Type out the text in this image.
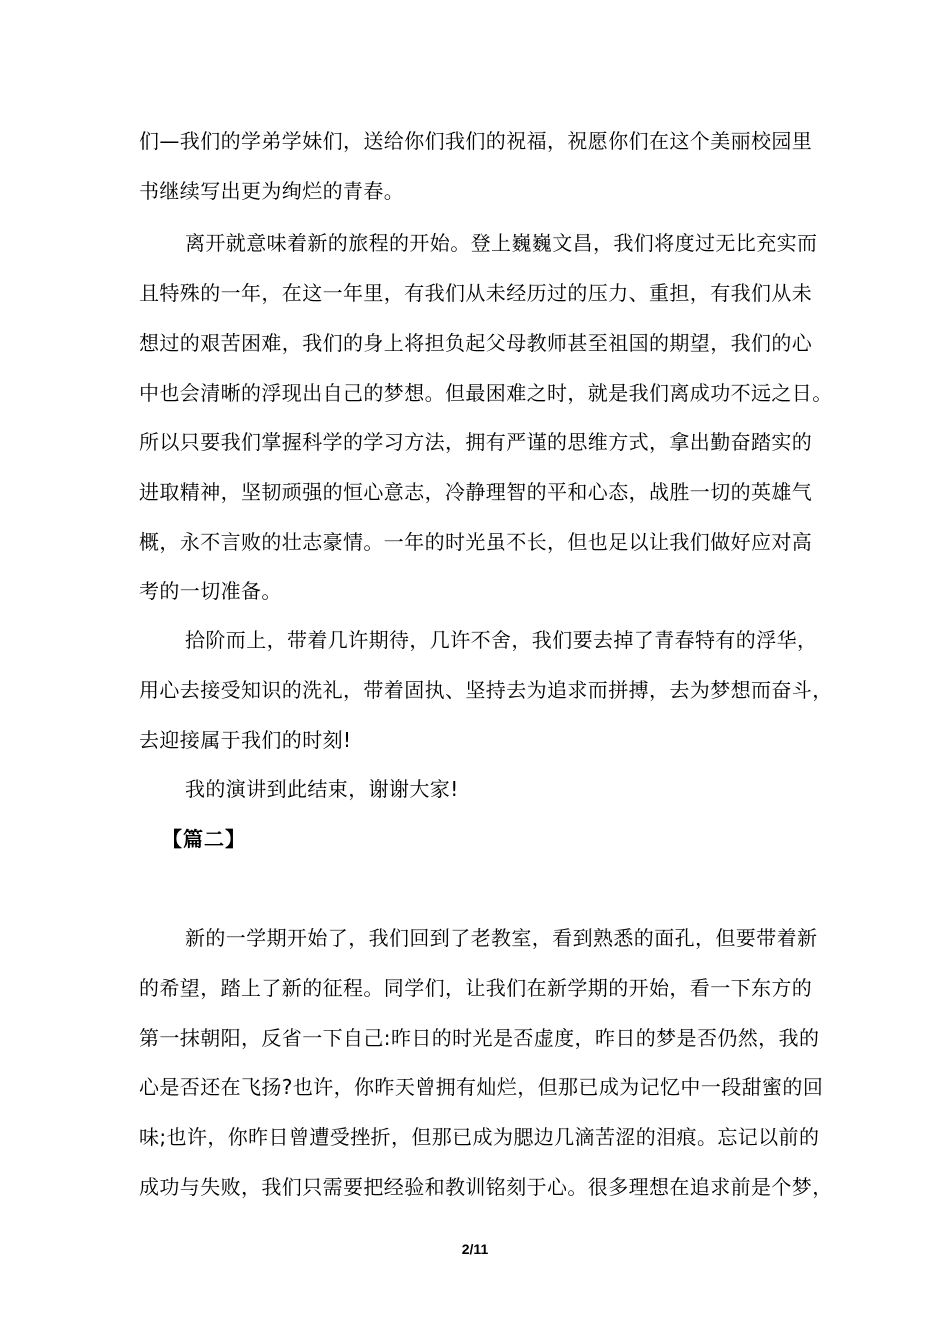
们—我们的学弟学妹们，送给你们我们的祝福，祝愿你们在这个美丽校园里
书继续写出更为绚烂的青春。
离开就意味着新的旅程的开始。登上巍巍文昌，我们将度过无比充实而
且特殊的一年，在这一年里，有我们从未经历过的压力、重担，有我们从未
想过的艰苦困难，我们的身上将担负起父母教师甚至祖国的期望，我们的心
中也会清晰的浮现出自己的梦想。但最困难之时，就是我们离成功不远之日。
所以只要我们掌握科学的学习方法，拥有严谨的思维方式，拿出勤奋踏实的
进取精神，坚韧顽强的恒心意志，冷静理智的平和心态，战胜一切的英雄气
概，永不言败的壮志豪情。一年的时光虽不长，但也足以让我们做好应对高
考的一切准备。
拾阶而上，带着几许期待，几许不舍，我们要去掉了青春特有的浮华，
用心去接受知识的洗礼，带着固执、坚持去为追求而拼搏，去为梦想而奋斗，
去迎接属于我们的时刻!
我的演讲到此结束，谢谢大家!
【篇二】
新的一学期开始了，我们回到了老教室，看到熟悉的面孔，但要带着新
的希望，踏上了新的征程。同学们，让我们在新学期的开始，看一下东方的
第一抹朝阳，反省一下自己:昨日的时光是否虚度，昨日的梦是否仍然，我的
心是否还在飞扬?也许，你昨天曾拥有灿烂，但那已成为记忆中一段甜蜜的回
味;也许，你昨日曾遭受挫折，但那已成为腮边几滴苦涩的泪痕。忘记以前的
成功与失败，我们只需要把经验和教训铭刻于心。很多理想在追求前是个梦，
2/11
